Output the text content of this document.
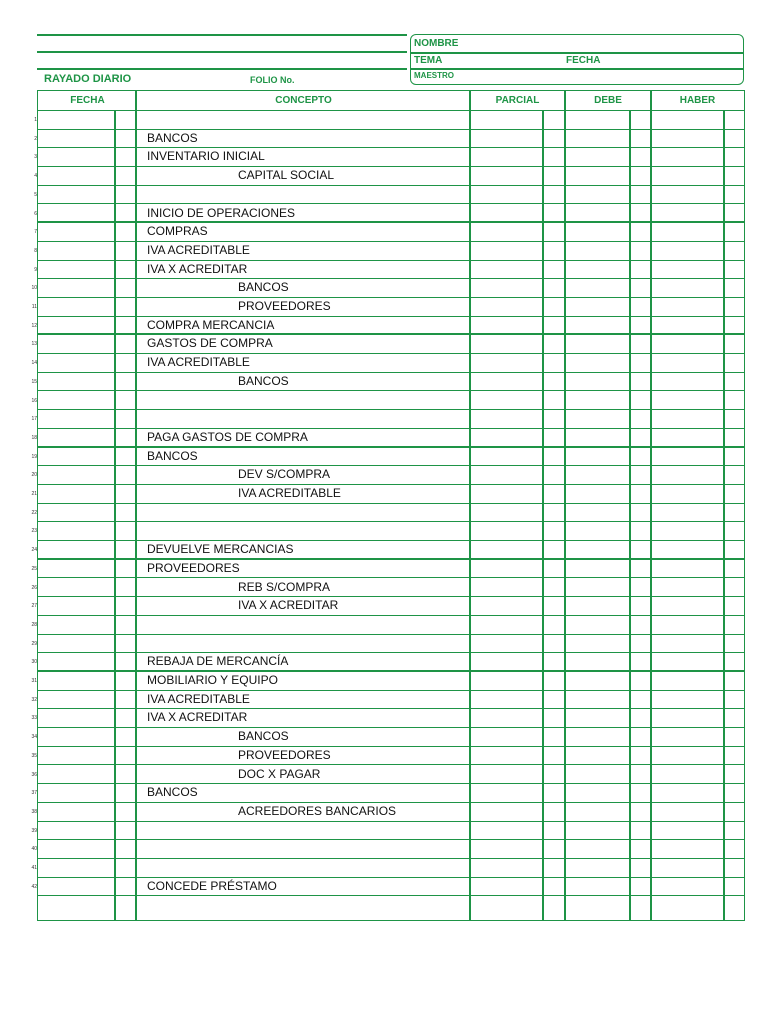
RAYADO DIARIO	FOLIO No.
NOMBRE
TEMA	FECHA
MAESTRO
FECHA	CONCEPTO	PARCIAL	DEBE	HABER
1
2	BANCOS
3	INVENTARIO INICIAL
4	CAPITAL SOCIAL
5
6	INICIO DE OPERACIONES
7	COMPRAS
8	IVA ACREDITABLE
9	IVA X ACREDITAR
10	BANCOS
11	PROVEEDORES
12	COMPRA MERCANCIA
13	GASTOS DE COMPRA
14	IVA ACREDITABLE
15	BANCOS
16
17
18	PAGA GASTOS DE COMPRA
19	BANCOS
20	DEV S/COMPRA
21	IVA ACREDITABLE
22
23
24	DEVUELVE MERCANCIAS
25	PROVEEDORES
26	REB S/COMPRA
27	IVA X ACREDITAR
28
29
30	REBAJA DE MERCANCÍA
31	MOBILIARIO Y EQUIPO
32	IVA ACREDITABLE
33	IVA X ACREDITAR
34	BANCOS
35	PROVEEDORES
36	DOC X PAGAR
37	BANCOS
38	ACREEDORES BANCARIOS
39
40
41
42	CONCEDE PRÉSTAMO
